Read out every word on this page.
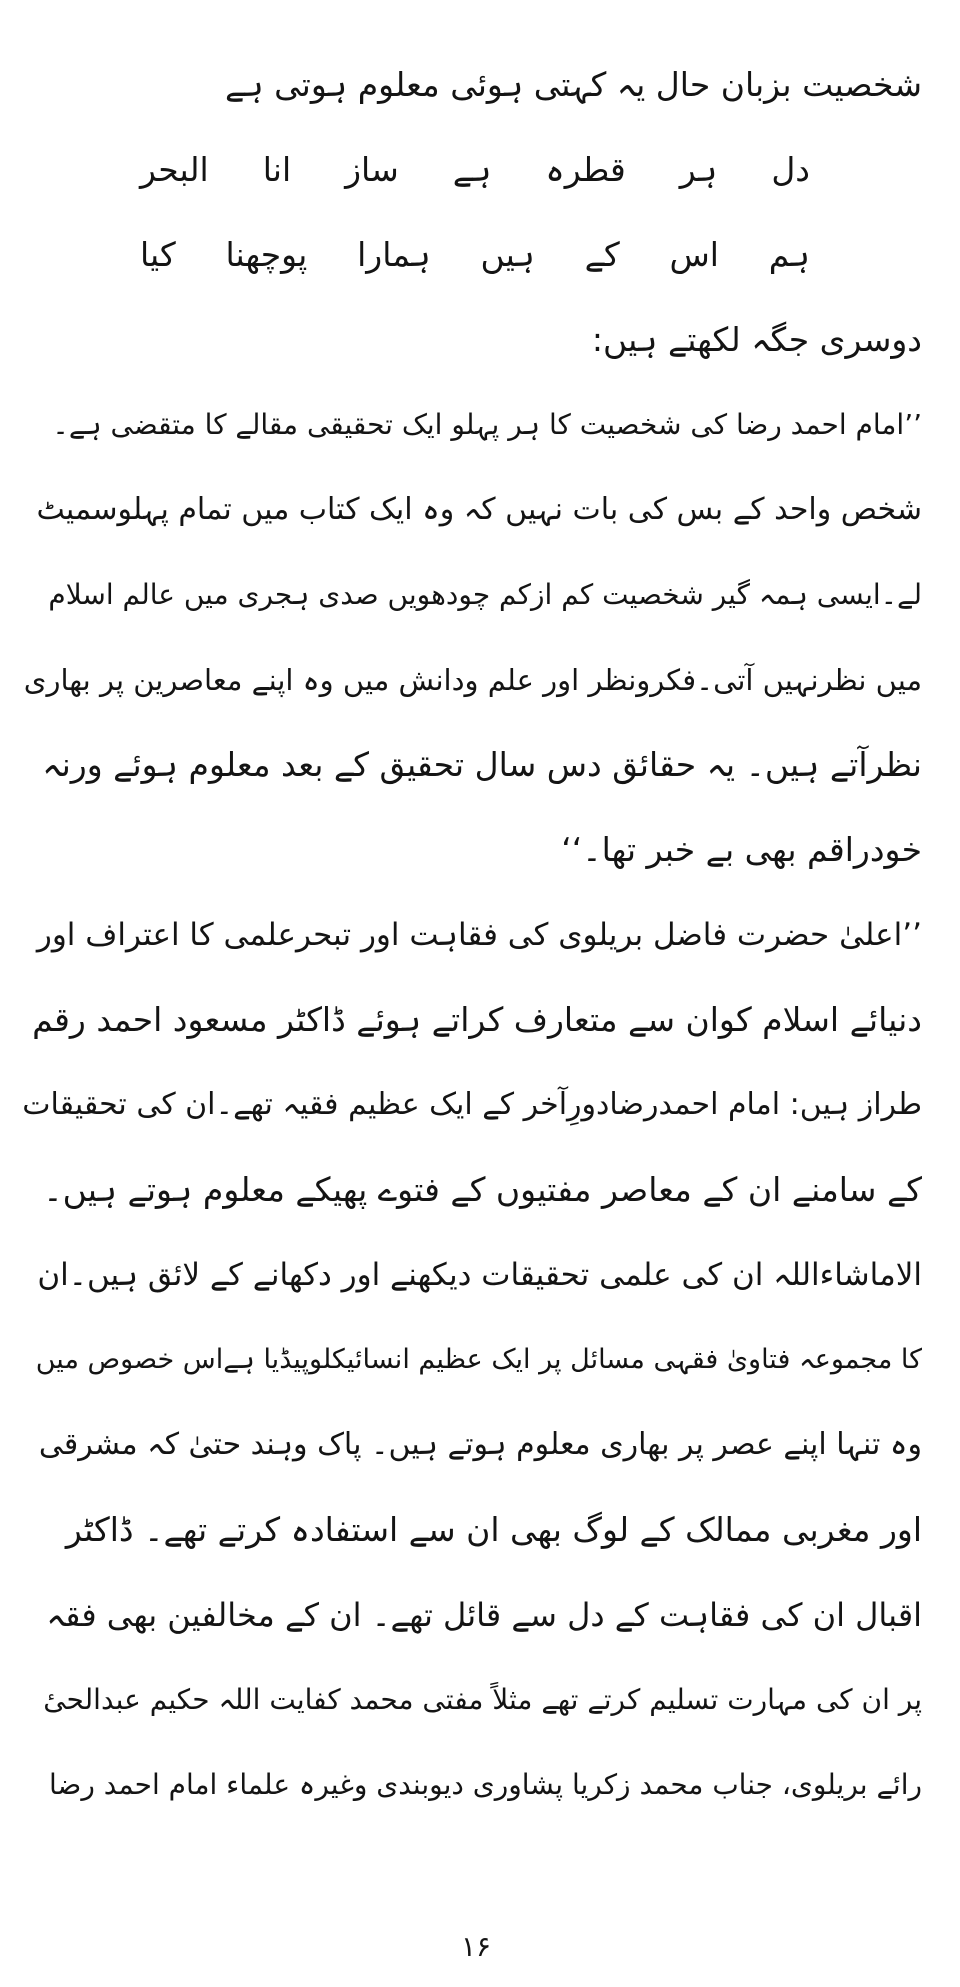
شخصیت بزبان حال یہ کہتی ہوئی معلوم ہوتی ہے
دل
ہر
قطرہ
ہے
ساز
انا
البحر
ہم
اس
کے
ہیں
ہمارا
پوچھنا
کیا
دوسری جگہ لکھتے ہیں:
’’امام احمد رضا کی شخصیت کا ہر پہلو ایک تحقیقی مقالے کا متقضی ہے۔
شخص واحد کے بس کی بات نہیں کہ وہ ایک کتاب میں تمام پہلوسمیٹ
لے۔ایسی ہمہ گیر شخصیت کم ازکم چودھویں صدی ہجری میں عالم اسلام
میں نظرنہیں آتی۔فکرونظر اور علم ودانش میں وہ اپنے معاصرین پر بھاری
نظرآتے ہیں۔ یہ حقائق دس سال تحقیق کے بعد معلوم ہوئے ورنہ
خودراقم بھی بے خبر تھا۔‘‘
’’اعلیٰ حضرت فاضل بریلوی کی فقاہت اور تبحرعلمی کا اعتراف اور
دنیائے اسلام کوان سے متعارف کراتے ہوئے ڈاکٹر مسعود احمد رقم
طراز ہیں: امام احمدرضادورِآخر کے ایک عظیم فقیہ تھے۔ان کی تحقیقات
کے سامنے ان کے معاصر مفتیوں کے فتوے پھیکے معلوم ہوتے ہیں۔
الاماشاءاللہ ان کی علمی تحقیقات دیکھنے اور دکھانے کے لائق ہیں۔ان
کا مجموعہ فتاویٰ فقہی مسائل پر ایک عظیم انسائیکلوپیڈیا ہےاس خصوص میں
وہ تنہا اپنے عصر پر بھاری معلوم ہوتے ہیں۔ پاک وہند حتیٰ کہ مشرقی
اور مغربی ممالک کے لوگ بھی ان سے استفادہ کرتے تھے۔ ڈاکٹر
اقبال ان کی فقاہت کے دل سے قائل تھے۔ ان کے مخالفین بھی فقہ
پر ان کی مہارت تسلیم کرتے تھے مثلاً مفتی محمد کفایت اللہ حکیم عبدالحیٔ
رائے بریلوی، جناب محمد زکریا پشاوری دیوبندی وغیرہ علماء امام احمد رضا
۱۶
